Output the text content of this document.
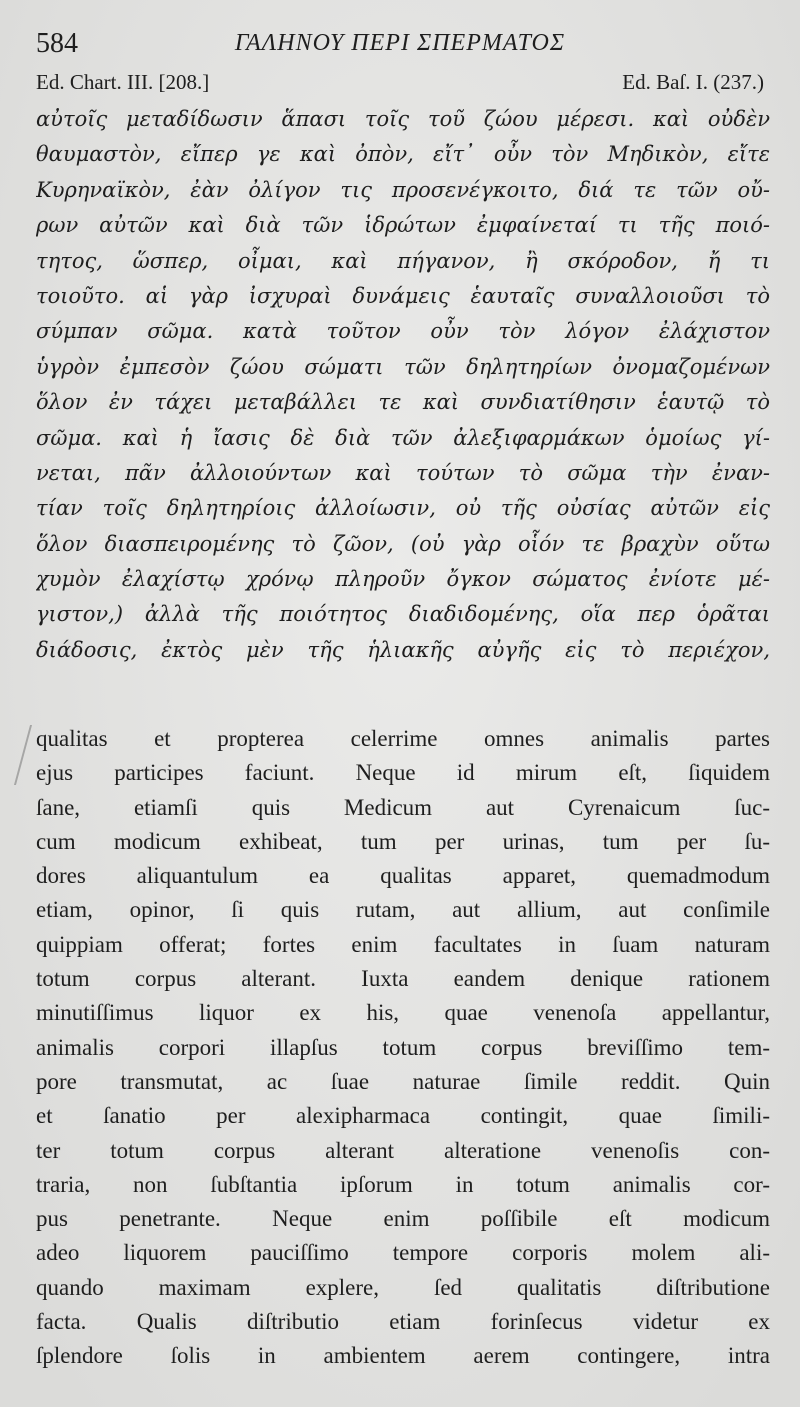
584	ΓΑΛΗΝΟΥ ΠΕΡΙ ΣΠΕΡΜΑΤΟΣ
Ed. Chart. III. [208.]	Ed. Baſ. I. (237.)
αὐτοῖς μεταδίδωσιν ἅπασι τοῖς τοῦ ζώου μέρεσι. καὶ οὐδὲν
θαυμαστὸν, εἴπερ γε καὶ ὀπὸν, εἴτ᾽ οὖν τὸν Μηδικὸν, εἴτε
Κυρηναϊκὸν, ἐὰν ὀλίγον τις προσενέγκοιτο, διά τε τῶν οὔ-
ρων αὐτῶν καὶ διὰ τῶν ἱδρώτων ἐμφαίνεταί τι τῆς ποιό-
τητος, ὥσπερ, οἶμαι, καὶ πήγανον, ἢ σκόροδον, ἤ τι
τοιοῦτο. αἱ γὰρ ἰσχυραὶ δυνάμεις ἑαυταῖς συναλλοιοῦσι τὸ
σύμπαν σῶμα. κατὰ τοῦτον οὖν τὸν λόγον ἐλάχιστον
ὑγρὸν ἐμπεσὸν ζώου σώματι τῶν δηλητηρίων ὀνομαζομένων
ὅλον ἐν τάχει μεταβάλλει τε καὶ συνδιατίθησιν ἑαυτῷ τὸ
σῶμα. καὶ ἡ ἴασις δὲ διὰ τῶν ἀλεξιφαρμάκων ὁμοίως γί-
νεται, πᾶν ἀλλοιούντων καὶ τούτων τὸ σῶμα τὴν ἐναν-
τίαν τοῖς δηλητηρίοις ἀλλοίωσιν, οὐ τῆς οὐσίας αὐτῶν εἰς
ὅλον διασπειρομένης τὸ ζῶον, (οὐ γὰρ οἷόν τε βραχὺν οὕτω
χυμὸν ἐλαχίστῳ χρόνῳ πληροῦν ὄγκον σώματος ἐνίοτε μέ-
γιστον,) ἀλλὰ τῆς ποιότητος διαδιδομένης, οἵα περ ὁρᾶται
διάδοσις, ἐκτὸς μὲν τῆς ἡλιακῆς αὐγῆς εἰς τὸ περιέχον,
qualitas et propterea celerrime omnes animalis partes
ejus participes faciunt. Neque id mirum eſt, ſiquidem
ſane, etiamſi quis Medicum aut Cyrenaicum ſuc-
cum modicum exhibeat, tum per urinas, tum per ſu-
dores aliquantulum ea qualitas apparet, quemadmodum
etiam, opinor, ſi quis rutam, aut allium, aut conſimile
quippiam offerat; fortes enim facultates in ſuam naturam
totum corpus alterant. Iuxta eandem denique rationem
minutiſſimus liquor ex his, quae venenoſa appellantur,
animalis corpori illapſus totum corpus breviſſimo tem-
pore transmutat, ac ſuae naturae ſimile reddit. Quin
et ſanatio per alexipharmaca contingit, quae ſimili-
ter totum corpus alterant alteratione venenoſis con-
traria, non ſubſtantia ipſorum in totum animalis cor-
pus penetrante. Neque enim poſſibile eſt modicum
adeo liquorem pauciſſimo tempore corporis molem ali-
quando maximam explere, ſed qualitatis diſtributione
facta. Qualis diſtributio etiam forinſecus videtur ex
ſplendore ſolis in ambientem aerem contingere, intra
